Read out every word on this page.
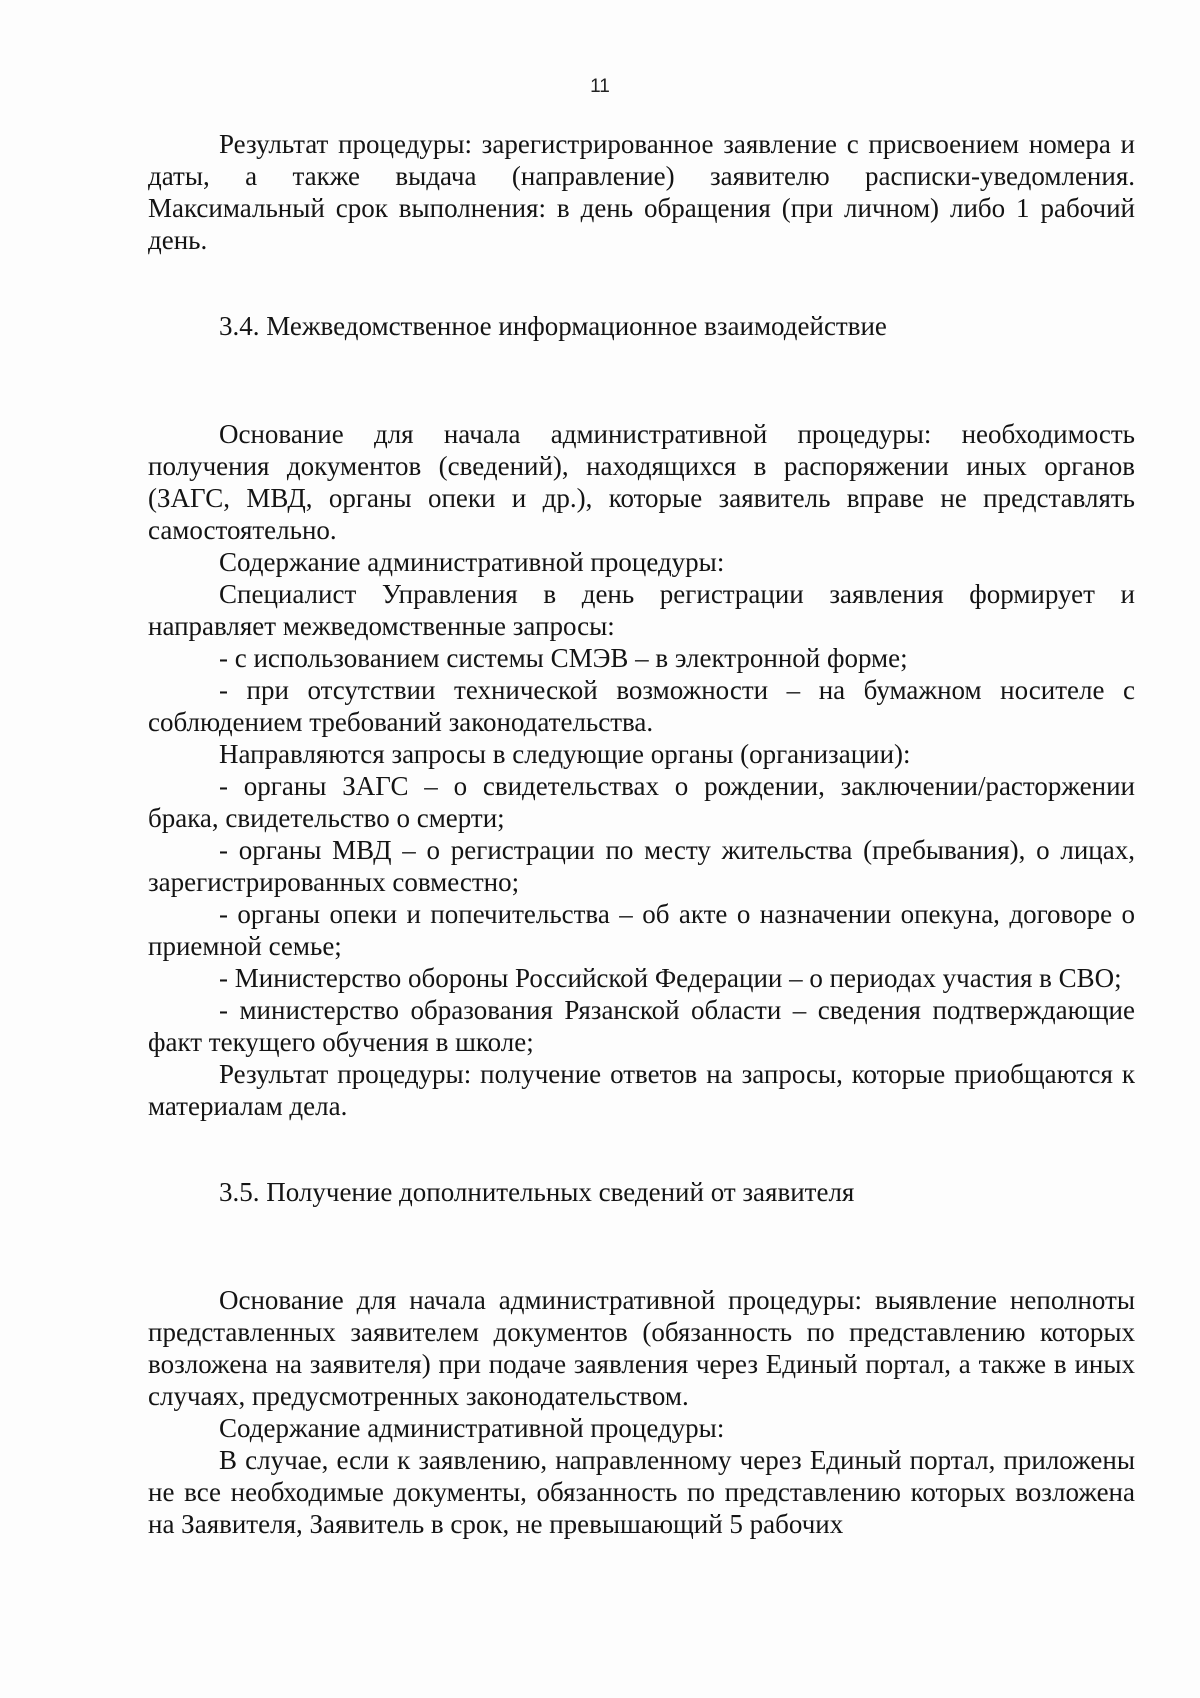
11

Результат процедуры: зарегистрированное заявление с присвоением номера и даты, а также выдача (направление) заявителю расписки-уведомления. Максимальный срок выполнения: в день обращения (при личном) либо 1 рабочий день.

3.4. Межведомственное информационное взаимодействие

Основание для начала административной процедуры: необходимость получения документов (сведений), находящихся в распоряжении иных органов (ЗАГС, МВД, органы опеки и др.), которые заявитель вправе не представлять самостоятельно.

Содержание административной процедуры:

Специалист Управления в день регистрации заявления формирует и направляет межведомственные запросы:

- с использованием системы СМЭВ – в электронной форме;

- при отсутствии технической возможности – на бумажном носителе с соблюдением требований законодательства.

Направляются запросы в следующие органы (организации):

- органы ЗАГС – о свидетельствах о рождении, заключении/расторжении брака, свидетельство о смерти;

- органы МВД – о регистрации по месту жительства (пребывания), о лицах, зарегистрированных совместно;

- органы опеки и попечительства – об акте о назначении опекуна, договоре о приемной семье;

- Министерство обороны Российской Федерации – о периодах участия в СВО;

- министерство образования Рязанской области – сведения подтверждающие факт текущего обучения в школе;

Результат процедуры: получение ответов на запросы, которые приобщаются к материалам дела.

3.5. Получение дополнительных сведений от заявителя

Основание для начала административной процедуры: выявление неполноты представленных заявителем документов (обязанность по представлению которых возложена на заявителя) при подаче заявления через Единый портал, а также в иных случаях, предусмотренных законодательством.

Содержание административной процедуры:

В случае, если к заявлению, направленному через Единый портал, приложены не все необходимые документы, обязанность по представлению которых возложена на Заявителя, Заявитель в срок, не превышающий 5 рабочих
